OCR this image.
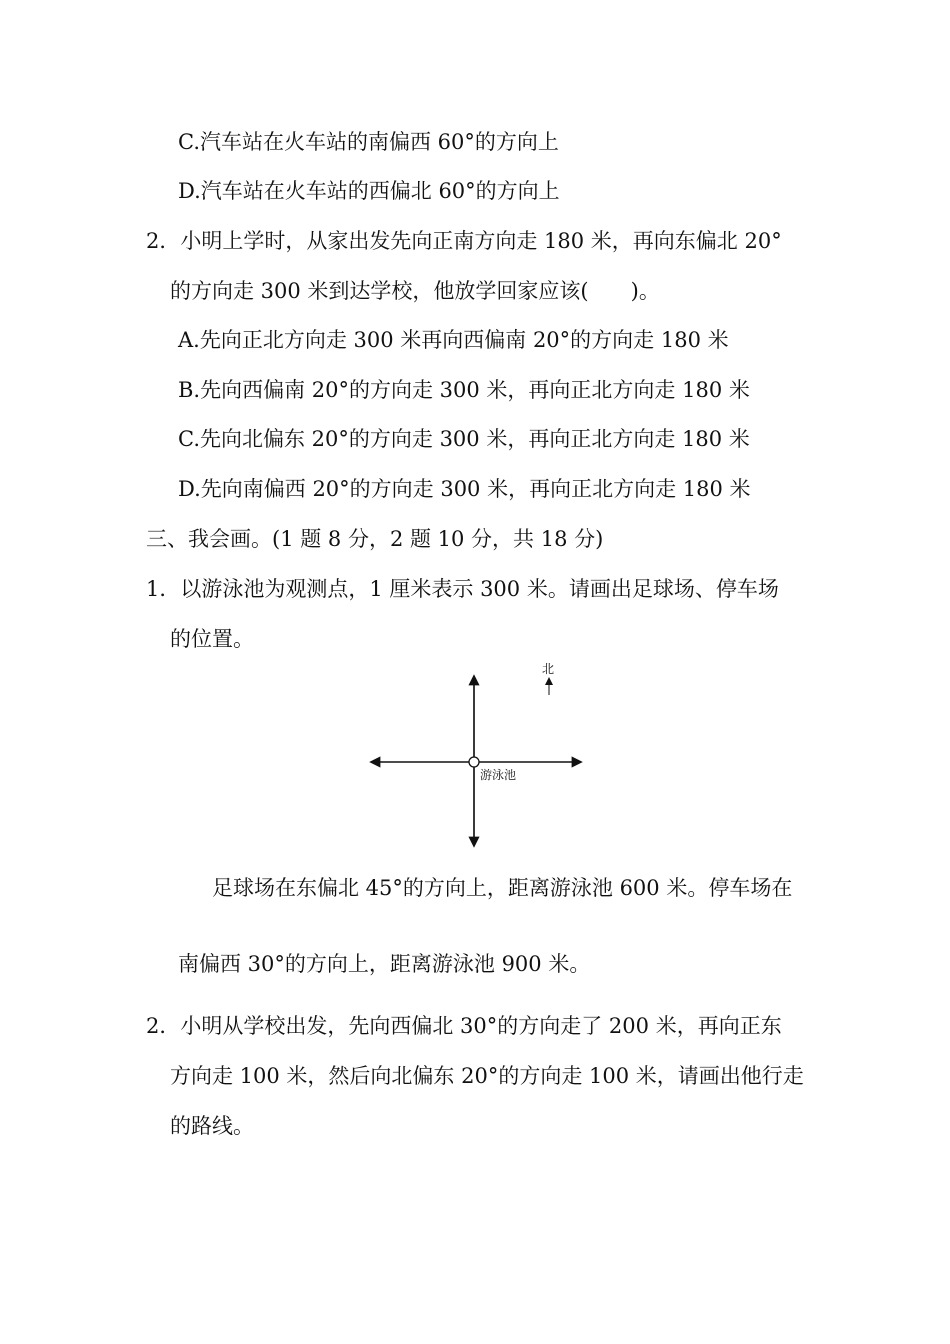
C.汽车站在火车站的南偏西 60°的方向上
D.汽车站在火车站的西偏北 60°的方向上
2．小明上学时，从家出发先向正南方向走 180 米，再向东偏北 20°
的方向走 300 米到达学校，他放学回家应该(　　)。
A.先向正北方向走 300 米再向西偏南 20°的方向走 180 米
B.先向西偏南 20°的方向走 300 米，再向正北方向走 180 米
C.先向北偏东 20°的方向走 300 米，再向正北方向走 180 米
D.先向南偏西 20°的方向走 300 米，再向正北方向走 180 米
三、我会画。(1 题 8 分，2 题 10 分，共 18 分)
1．以游泳池为观测点，1 厘米表示 300 米。请画出足球场、停车场
的位置。
游泳池
北
足球场在东偏北 45°的方向上，距离游泳池 600 米。停车场在
南偏西 30°的方向上，距离游泳池 900 米。
2．小明从学校出发，先向西偏北 30°的方向走了 200 米，再向正东
方向走 100 米，然后向北偏东 20°的方向走 100 米，请画出他行走
的路线。
